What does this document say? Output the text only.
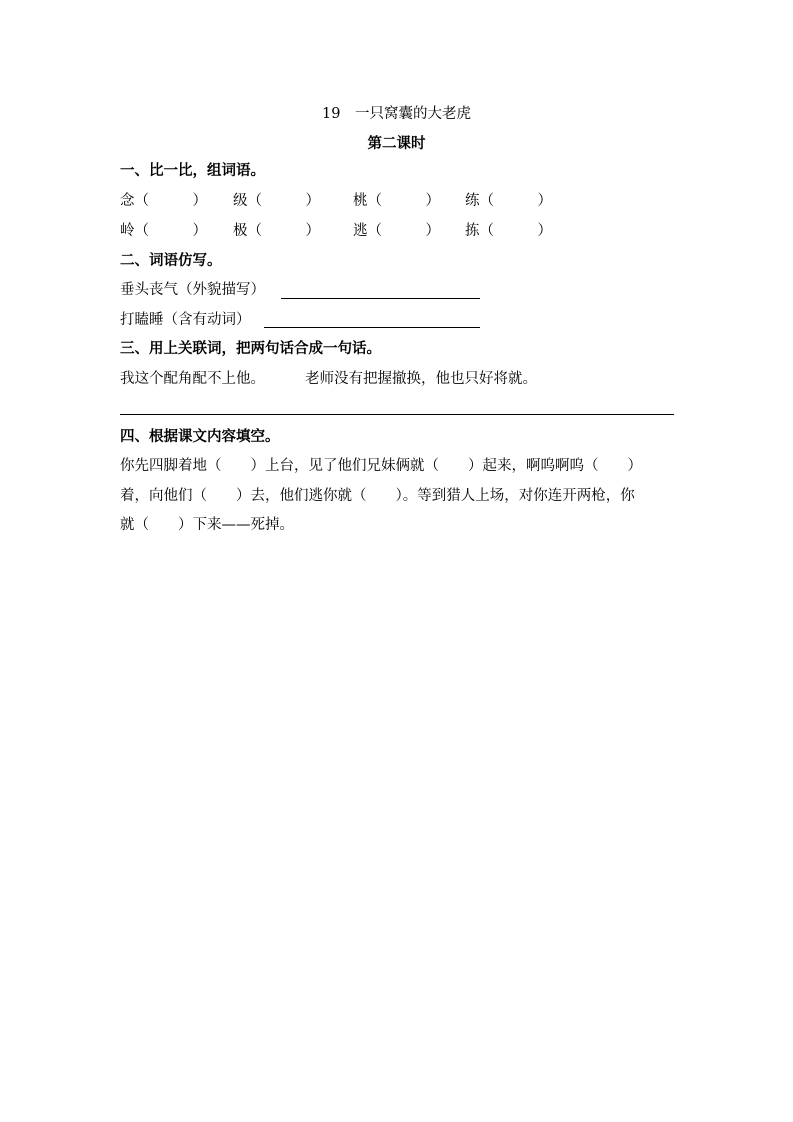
19　一只窝囊的大老虎
第二课时
一、比一比，组词语。
念（　　　） 级（　　　） 桃（　　　） 练（　　　）
岭（　　　） 极（　　　） 逃（　　　） 拣（　　　）
二、词语仿写。
垂头丧气（外貌描写）
打瞌睡（含有动词）
三、用上关联词，把两句话合成一句话。
我这个配角配不上他。	老师没有把握撤换，他也只好将就。
四、根据课文内容填空。
你先四脚着地（　　）上台，见了他们兄妹俩就（　　）起来，啊呜啊呜（　　）
着，向他们（　　）去，他们逃你就（　　）。等到猎人上场，对你连开两枪，你
就（　　）下来——死掉。
